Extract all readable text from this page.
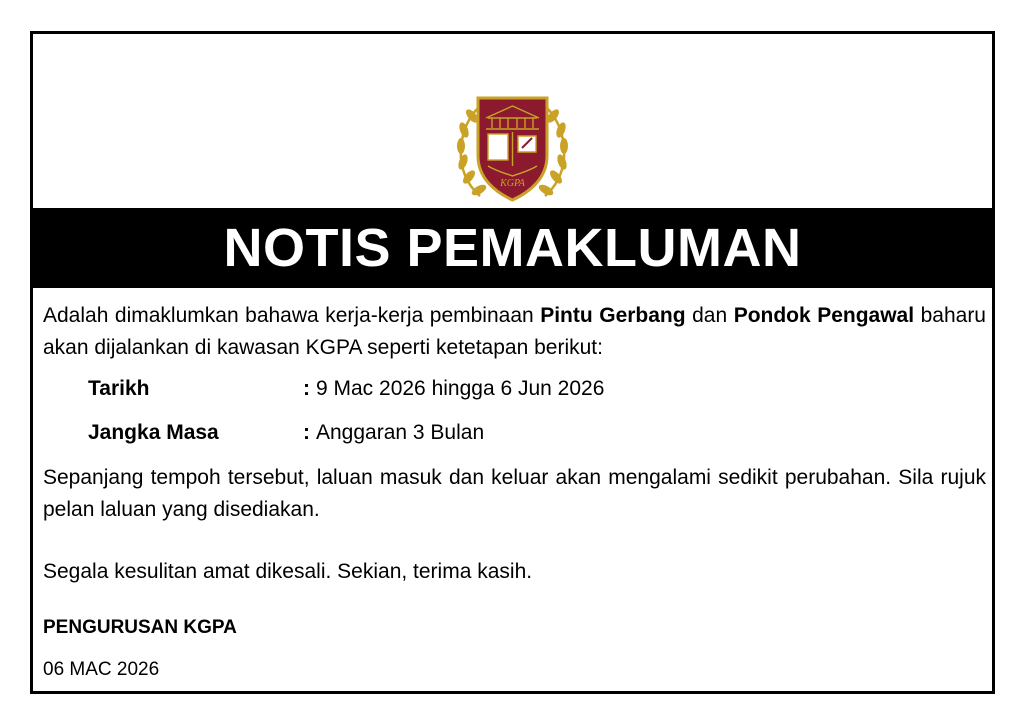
KGPA
NOTIS PEMAKLUMAN

Adalah dimaklumkan bahawa kerja-kerja pembinaan Pintu Gerbang dan Pondok Pengawal baharu akan dijalankan di kawasan KGPA seperti ketetapan berikut:

Tarikh	: 9 Mac 2026 hingga 6 Jun 2026
Jangka Masa	: Anggaran 3 Bulan

Sepanjang tempoh tersebut, laluan masuk dan keluar akan mengalami sedikit perubahan. Sila rujuk pelan laluan yang disediakan.

Segala kesulitan amat dikesali. Sekian, terima kasih.

PENGURUSAN KGPA

06 MAC 2026
